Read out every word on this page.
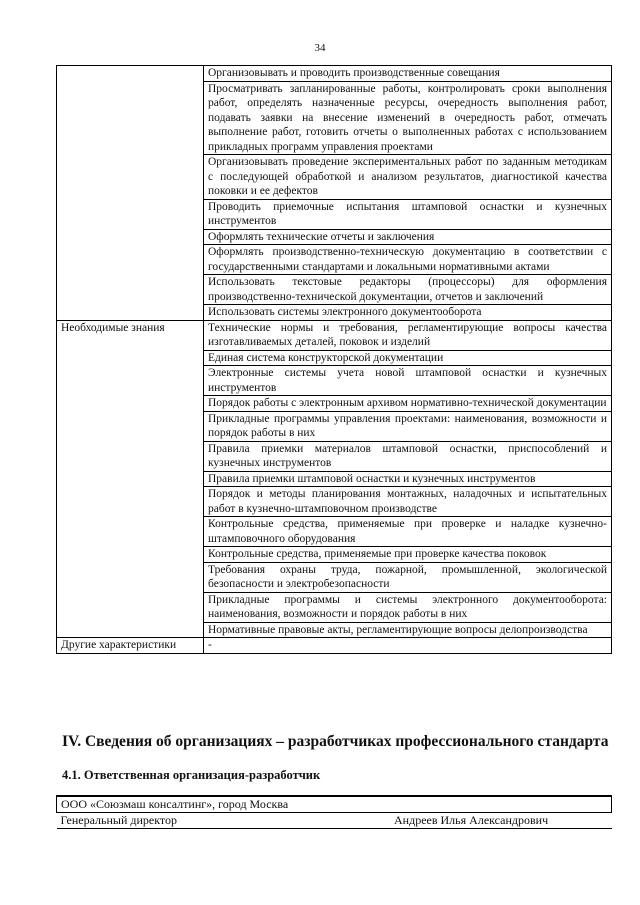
34
	Организовывать и проводить производственные совещания
	Просматривать запланированные работы, контролировать сроки выполнения работ, определять назначенные ресурсы, очередность выполнения работ, подавать заявки на внесение изменений в очередность работ, отмечать выполнение работ, готовить отчеты о выполненных работах с использованием прикладных программ управления проектами
	Организовывать проведение экспериментальных работ по заданным методикам с последующей обработкой и анализом результатов, диагностикой качества поковки и ее дефектов
	Проводить приемочные испытания штамповой оснастки и кузнечных инструментов
	Оформлять технические отчеты и заключения
	Оформлять производственно-техническую документацию в соответствии с государственными стандартами и локальными нормативными актами
	Использовать текстовые редакторы (процессоры) для оформления производственно-технической документации, отчетов и заключений
	Использовать системы электронного документооборота
Необходимые знания	Технические нормы и требования, регламентирующие вопросы качества изготавливаемых деталей, поковок и изделий
	Единая система конструкторской документации
	Электронные системы учета новой штамповой оснастки и кузнечных инструментов
	Порядок работы с электронным архивом нормативно-технической документации
	Прикладные программы управления проектами: наименования, возможности и порядок работы в них
	Правила приемки материалов штамповой оснастки, приспособлений и кузнечных инструментов
	Правила приемки штамповой оснастки и кузнечных инструментов
	Порядок и методы планирования монтажных, наладочных и испытательных работ в кузнечно-штамповочном производстве
	Контрольные средства, применяемые при проверке и наладке кузнечно-штамповочного оборудования
	Контрольные средства, применяемые при проверке качества поковок
	Требования охраны труда, пожарной, промышленной, экологической безопасности и электробезопасности
	Прикладные программы и системы электронного документооборота: наименования, возможности и порядок работы в них
	Нормативные правовые акты, регламентирующие вопросы делопроизводства
Другие характеристики	-
IV. Сведения об организациях – разработчиках профессионального стандарта
4.1. Ответственная организация-разработчик
ООО «Союзмаш консалтинг», город Москва
Генеральный директор	Андреев Илья Александрович
